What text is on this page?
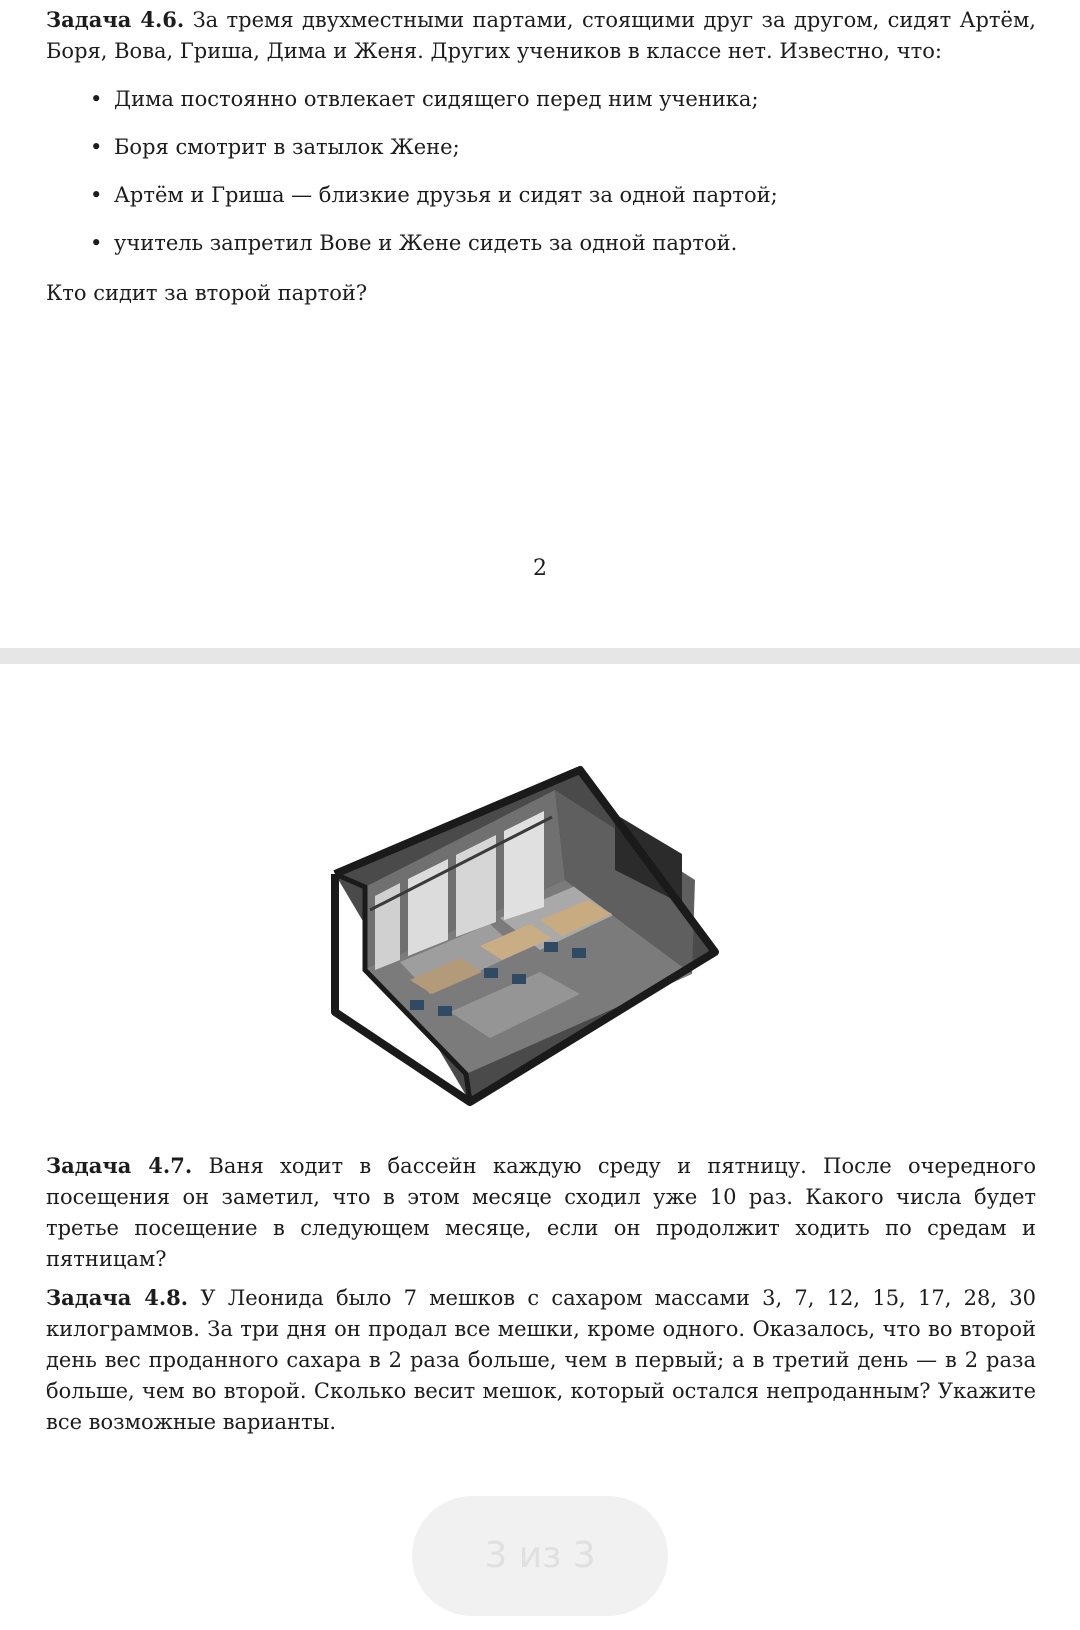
Задача 4.6. За тремя двухместными партами, стоящими друг за другом, сидят Артём, Боря, Вова, Гриша, Дима и Женя. Других учеников в классе нет. Известно, что:

• Дима постоянно отвлекает сидящего перед ним ученика;
• Боря смотрит в затылок Жене;
• Артём и Гриша — близкие друзья и сидят за одной партой;
• учитель запретил Вове и Жене сидеть за одной партой.

Кто сидит за второй партой?

2

Задача 4.7. Ваня ходит в бассейн каждую среду и пятницу. После очередного посещения он заметил, что в этом месяце сходил уже 10 раз. Какого числа будет третье посещение в следующем месяце, если он продолжит ходить по средам и пятницам?

Задача 4.8. У Леонида было 7 мешков с сахаром массами 3, 7, 12, 15, 17, 28, 30 килограммов. За три дня он продал все мешки, кроме одного. Оказалось, что во второй день вес проданного сахара в 2 раза больше, чем в первый; а в третий день — в 2 раза больше, чем во второй. Сколько весит мешок, который остался непроданным? Укажите все возможные варианты.

3 из 3
